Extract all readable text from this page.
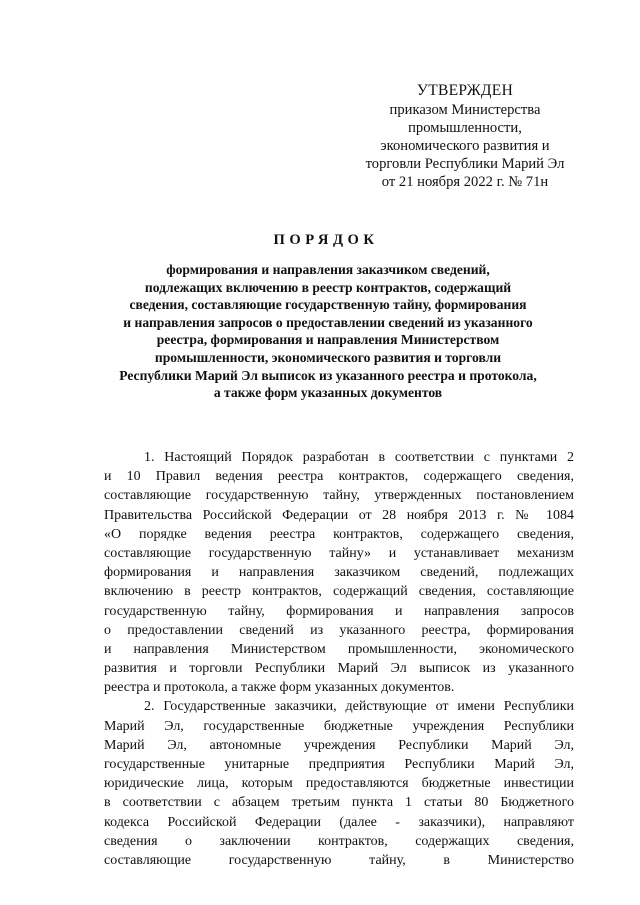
УТВЕРЖДЕН
приказом Министерства
промышленности,
экономического развития и
торговли Республики Марий Эл
от 21 ноября 2022 г. № 71н
ПОРЯДОК
формирования и направления заказчиком сведений,
подлежащих включению в реестр контрактов, содержащий
сведения, составляющие государственную тайну, формирования
и направления запросов о предоставлении сведений из указанного
реестра, формирования и направления Министерством
промышленности, экономического развития и торговли
Республики Марий Эл выписок из указанного реестра и протокола,
а также форм указанных документов
1. Настоящий Порядок разработан в соответствии с пунктами 2
и 10 Правил ведения реестра контрактов, содержащего сведения,
составляющие государственную тайну, утвержденных постановлением
Правительства Российской Федерации от 28 ноября 2013 г. № 1084
«О порядке ведения реестра контрактов, содержащего сведения,
составляющие государственную тайну» и устанавливает механизм
формирования и направления заказчиком сведений, подлежащих
включению в реестр контрактов, содержащий сведения, составляющие
государственную тайну, формирования и направления запросов
о предоставлении сведений из указанного реестра, формирования
и направления Министерством промышленности, экономического
развития и торговли Республики Марий Эл выписок из указанного
реестра и протокола, а также форм указанных документов.
2. Государственные заказчики, действующие от имени Республики
Марий Эл, государственные бюджетные учреждения Республики
Марий Эл, автономные учреждения Республики Марий Эл,
государственные унитарные предприятия Республики Марий Эл,
юридические лица, которым предоставляются бюджетные инвестиции
в соответствии с абзацем третьим пункта 1 статьи 80 Бюджетного
кодекса Российской Федерации (далее - заказчики), направляют
сведения о заключении контрактов, содержащих сведения,
составляющие государственную тайну, в Министерство
